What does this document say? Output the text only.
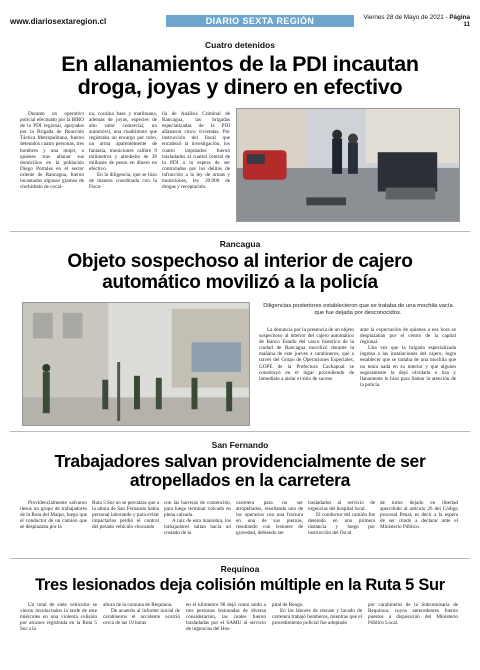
www.diariosextaregion.cl	DIARIO SEXTA REGIÓN	Viernes 28 de Mayo de 2021 - Página 11
Cuatro detenidos
En allanamientos de la PDI incautan
droga, joyas y dinero en efectivo

Durante un operativo policial efectuado por la BIRO de la PDI regional, apoyados por la Brigada de Reacción Táctica Metropolitana, fueron detenidos cuatro personas, tres hombres y una mujer, a quienes tras allanar sus domicilios en la población Diego Portales en el sector oriente de Rancagua, fueron incautados algunos gramos de clorhidrato de cocaí-

na, cocaína base y marihuana, además de joyas, especies de alto valor comercial, un automóvil, una cuadrimoto que registraba un encargo por robo, un arma aparentemente de fantasía, municiones calibre 9 milímetros y alrededor de 38 millones de pesos en dinero en efectivo.

En la diligencia, que se hizo de manera coordinada con la Fisca-

lía de Análisis Criminal de Rancagua, las brigadas especializadas de la PDI allanaron cinco viviendas. Por instrucción del fiscal que encabezó la investigación, los cuatro imputados fueron trasladados al cuartel central de la PDI a la espera de ser controlados por los delitos de infracción a la ley de armas y municiones, ley 20.000 de drogas y receptación.

Rancagua
Objeto sospechoso al interior de cajero
automático movilizó a la policía
Diligencias posteriores establecieron que se trataba de una mochila vacía que fue dejada por desconocidos.

La denuncia por la presencia de un objeto sospechoso al interior del cajero automático de Banco Estado del casco histórico de la ciudad de Rancagua movilizó durante la mañana de este jueves a carabineros, qué a través del Grupo de Operaciones Especiales, GOPE de la Prefectura Cachapoal se constituyó en el lugar procediendo de inmediato a aislar el sitio de suceso

ante la expectación de quienes a esa hora se desplazaban por el centro de la capital regional.

Una vez que la brigada especializada ingresa a las instalaciones del cajero, logra establecer que se trataba de una mochila que no tenía nada en su interior y que alguien seguramente la dejó olvidada o lisa y llanamente lo hizo para llamar la atención de la policía.

San Fernando
Trabajadores salvan providencialmente de ser
atropellados en la carretera

Providencialmente salvaron ilesos un grupo de trabajadores de la Ruta del Maipo, luego que el conductor de un camión que se desplazaba por la

Ruta 5 Sur no se percatara que a la altura de San Fernando había personal laborando y para evitar impactarlos perdió el control del pesado vehículo chocando

con las barreras de contención, para luego terminar volcado en plena calzada.

A raíz de esta maniobra, los trabajadores saltan hacia un costado de la

carretera para no ser atropellados, resultando uno de los operarios con una fractura en una de sus piernas, resultando con lesiones de gravedad, debiendo ser

trasladados al servicio de urgencias del hospital local.

El conductor del camión fue detenido en una primera instancia y luego por instrucción del fiscal

de turno dejado en libertad apercibido al artículo 26 del Código procesal Penal, es decir a la espera de ser citado a declarar ante el Ministerio Público.

Requínoa
Tres lesionados deja colisión múltiple en la Ruta 5 Sur

Un total de siete vehículos se vieron involucrados la tarde de este miércoles en una violenta colisión por alcance registrada en la Ruta 5 Sur a la

altura de la comuna de Requínoa.

De acuerdo al informe inicial de carabineros el accidente ocurrió cerca de las 19 horas

en el kilómetro 98 dejó como saldo a tres personas lesionadas de diversa consideración, las cuales fueron trasladadas por el SAMU al servicio de urgencias del Hos-

pital de Rengo.

En las labores de rescate y lavado de carretera trabajó bomberos, mientras que el procedimiento policial fue adoptado

por carabineros de la Subcomisaría de Requínoa, cuyos antecedentes fueron puestos a disposición del Ministerio Público Local.
